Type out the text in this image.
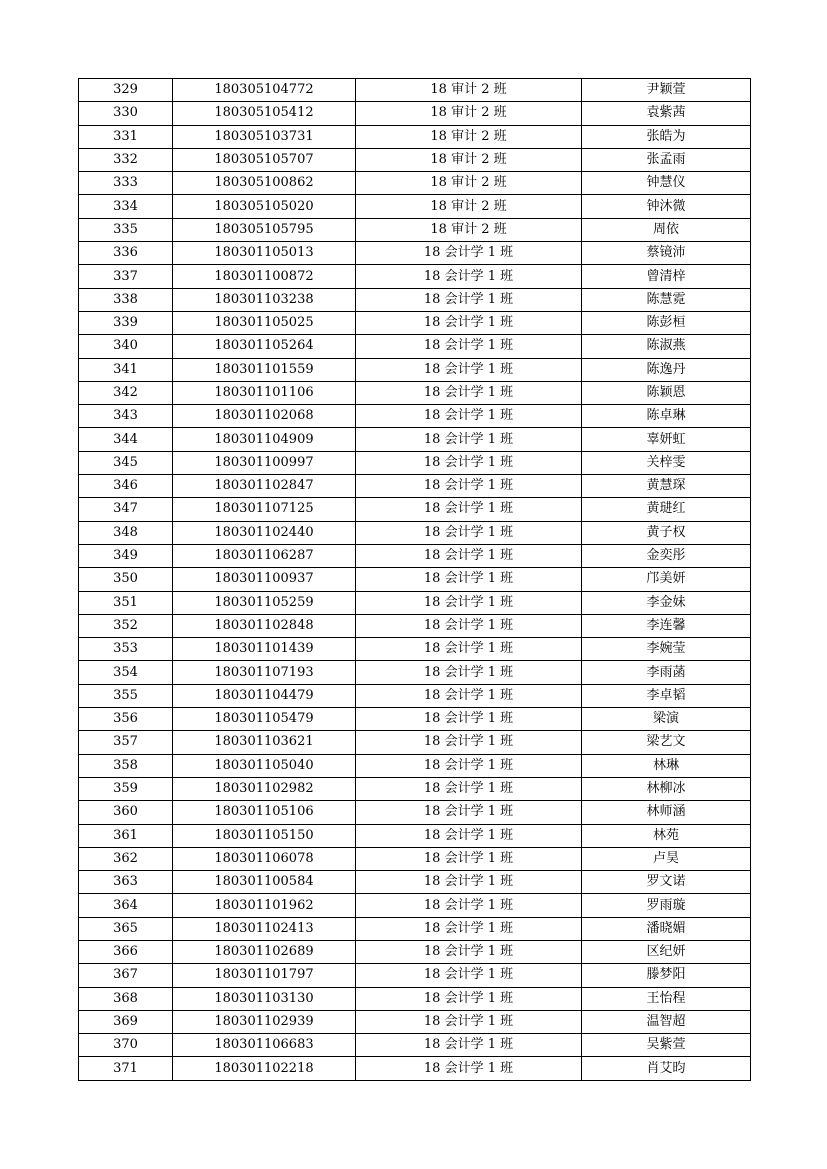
329	180305104772	18 审计 2 班	尹颖萱
330	180305105412	18 审计 2 班	袁紫茜
331	180305103731	18 审计 2 班	张皓为
332	180305105707	18 审计 2 班	张孟雨
333	180305100862	18 审计 2 班	钟慧仪
334	180305105020	18 审计 2 班	钟沐微
335	180305105795	18 审计 2 班	周依
336	180301105013	18 会计学 1 班	蔡镜沛
337	180301100872	18 会计学 1 班	曾清梓
338	180301103238	18 会计学 1 班	陈慧霓
339	180301105025	18 会计学 1 班	陈彭桓
340	180301105264	18 会计学 1 班	陈淑燕
341	180301101559	18 会计学 1 班	陈逸丹
342	180301101106	18 会计学 1 班	陈颖恩
343	180301102068	18 会计学 1 班	陈卓琳
344	180301104909	18 会计学 1 班	辜妍虹
345	180301100997	18 会计学 1 班	关梓雯
346	180301102847	18 会计学 1 班	黄慧琛
347	180301107125	18 会计学 1 班	黄琎红
348	180301102440	18 会计学 1 班	黄子权
349	180301106287	18 会计学 1 班	金奕彤
350	180301100937	18 会计学 1 班	邝美妍
351	180301105259	18 会计学 1 班	李金妹
352	180301102848	18 会计学 1 班	李连馨
353	180301101439	18 会计学 1 班	李婉莹
354	180301107193	18 会计学 1 班	李雨菡
355	180301104479	18 会计学 1 班	李卓韬
356	180301105479	18 会计学 1 班	梁演
357	180301103621	18 会计学 1 班	梁艺文
358	180301105040	18 会计学 1 班	林琳
359	180301102982	18 会计学 1 班	林柳冰
360	180301105106	18 会计学 1 班	林师涵
361	180301105150	18 会计学 1 班	林苑
362	180301106078	18 会计学 1 班	卢昊
363	180301100584	18 会计学 1 班	罗文诺
364	180301101962	18 会计学 1 班	罗雨璇
365	180301102413	18 会计学 1 班	潘晓媚
366	180301102689	18 会计学 1 班	区纪妍
367	180301101797	18 会计学 1 班	滕梦阳
368	180301103130	18 会计学 1 班	王怡程
369	180301102939	18 会计学 1 班	温智超
370	180301106683	18 会计学 1 班	吴紫萱
371	180301102218	18 会计学 1 班	肖艾昀
